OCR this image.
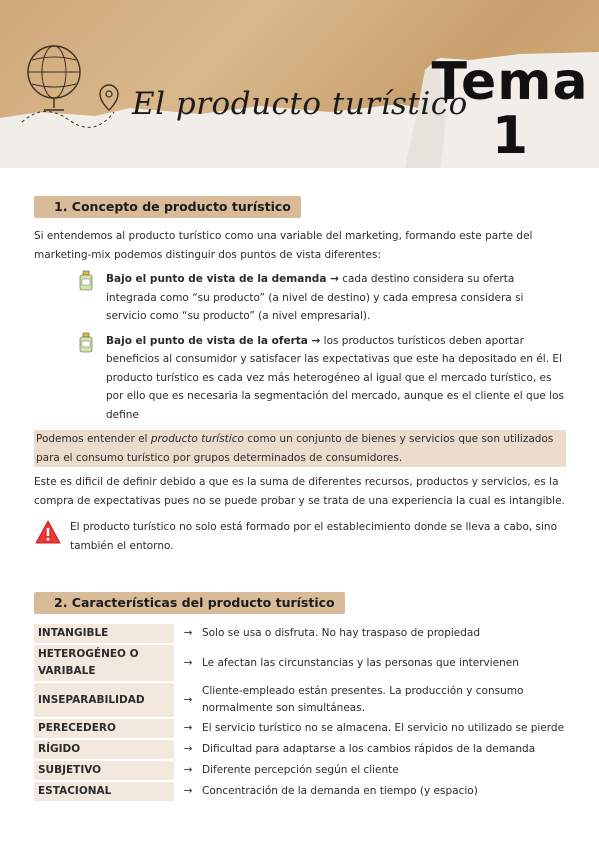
El producto turístico
Tema
1
1. Concepto de producto turístico

Si entendemos al producto turístico como una variable del marketing, formando este parte del marketing-mix podemos distinguir dos puntos de vista diferentes:

Bajo el punto de vista de la demanda → cada destino considera su oferta integrada como “su producto” (a nivel de destino) y cada empresa considera si servicio como “su producto” (a nivel empresarial).
Bajo el punto de vista de la oferta → los productos turísticos deben aportar beneficios al consumidor y satisfacer las expectativas que este ha depositado en él. El producto turístico es cada vez más heterogéneo al igual que el mercado turístico, es por ello que es necesaria la segmentación del mercado, aunque es el cliente el que los define

Podemos entender el producto turístico como un conjunto de bienes y servicios que son utilizados para el consumo turístico por grupos determinados de consumidores.

Este es dificil de definir debido a que es la suma de diferentes recursos, productos y servicios, es la compra de expectativas pues no se puede probar y se trata de una experiencia la cual es intangible.

El producto turístico no solo está formado por el establecimiento donde se lleva a cabo, sino también el entorno.
2. Características del producto turístico
INTANGIBLE	→	Solo se usa o disfruta. No hay traspaso de propiedad
HETEROGÉNEO O VARIBALE	→	Le afectan las circunstancias y las personas que intervienen
INSEPARABILIDAD	→	Cliente-empleado están presentes. La producción y consumo normalmente son simultáneas.
PERECEDERO	→	El servicio turístico no se almacena. El servicio no utilizado se pierde
RÍGIDO	→	Dificultad para adaptarse a los cambios rápidos de la demanda
SUBJETIVO	→	Diferente percepción según el cliente
ESTACIONAL	→	Concentración de la demanda en tiempo (y espacio)
